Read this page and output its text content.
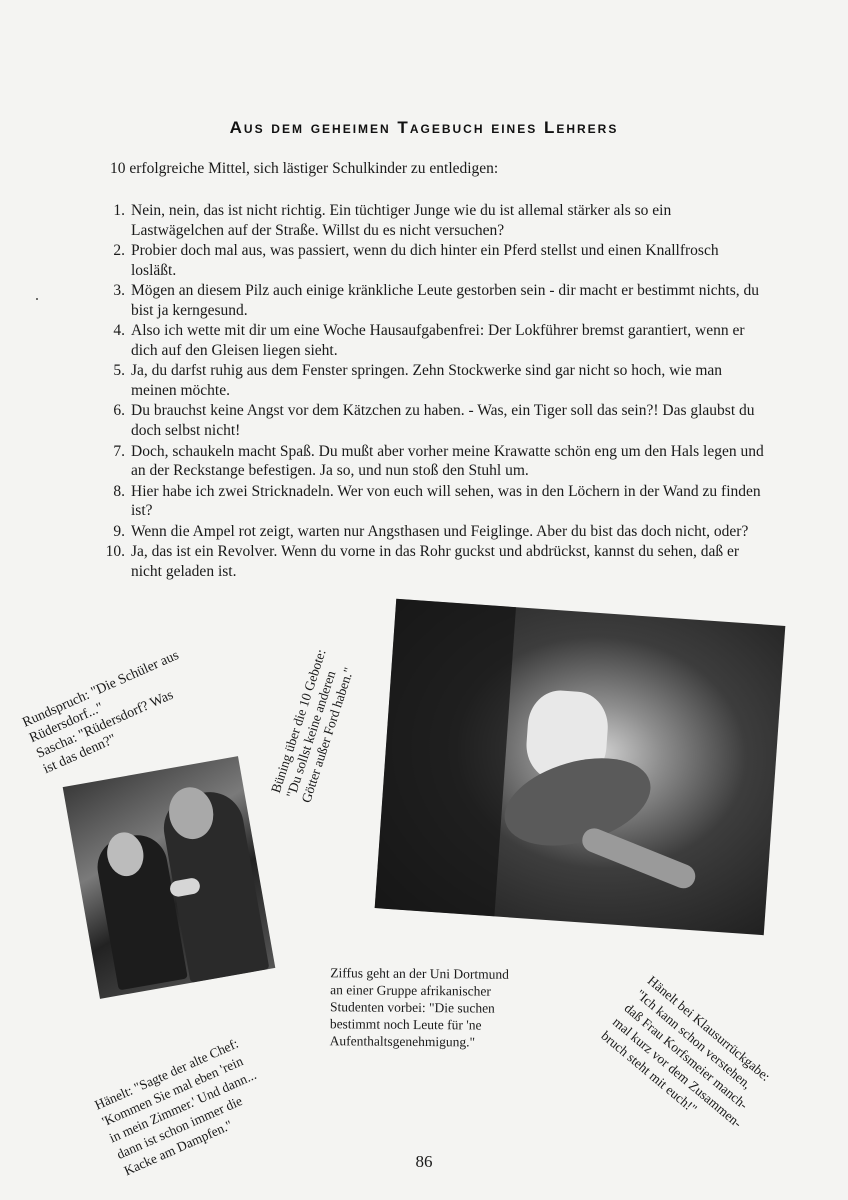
Aus dem geheimen Tagebuch eines Lehrers
10 erfolgreiche Mittel, sich lästiger Schulkinder zu entledigen:
1. Nein, nein, das ist nicht richtig. Ein tüchtiger Junge wie du ist allemal stärker als so ein Lastwägelchen auf der Straße. Willst du es nicht versuchen?
2. Probier doch mal aus, was passiert, wenn du dich hinter ein Pferd stellst und einen Knallfrosch losläßt.
3. Mögen an diesem Pilz auch einige kränkliche Leute gestorben sein - dir macht er bestimmt nichts, du bist ja kerngesund.
4. Also ich wette mit dir um eine Woche Hausaufgabenfrei: Der Lokführer bremst garantiert, wenn er dich auf den Gleisen liegen sieht.
5. Ja, du darfst ruhig aus dem Fenster springen. Zehn Stockwerke sind gar nicht so hoch, wie man meinen möchte.
6. Du brauchst keine Angst vor dem Kätzchen zu haben. - Was, ein Tiger soll das sein?! Das glaubst du doch selbst nicht!
7. Doch, schaukeln macht Spaß. Du mußt aber vorher meine Krawatte schön eng um den Hals legen und an der Reckstange befestigen. Ja so, und nun stoß den Stuhl um.
8. Hier habe ich zwei Stricknadeln. Wer von euch will sehen, was in den Löchern in der Wand zu finden ist?
9. Wenn die Ampel rot zeigt, warten nur Angsthasen und Feiglinge. Aber du bist das doch nicht, oder?
10. Ja, das ist ein Revolver. Wenn du vorne in das Rohr guckst und abdrückst, kannst du sehen, daß er nicht geladen ist.
Rundspruch: "Die Schüler aus
Rüdersdorf..."
Sascha: "Rüdersdorf? Was
ist das denn?"	Büning über die 10 Gebote:
"Du sollst keine anderen
Götter außer Ford haben."
Ziffus geht an der Uni Dortmund
an einer Gruppe afrikanischer
Studenten vorbei: "Die suchen
bestimmt noch Leute für 'ne
Aufenthaltsgenehmigung."
Hänelt: "Sagte der alte Chef:
'Kommen Sie mal eben 'rein
in mein Zimmer.' Und dann...
dann ist schon immer die
Kacke am Dampfen."
Hänelt bei Klausurrückgabe:
"Ich kann schon verstehen,
daß Frau Korfsmeier manch-
mal kurz vor dem Zusammen-
bruch steht mit euch!"
86
